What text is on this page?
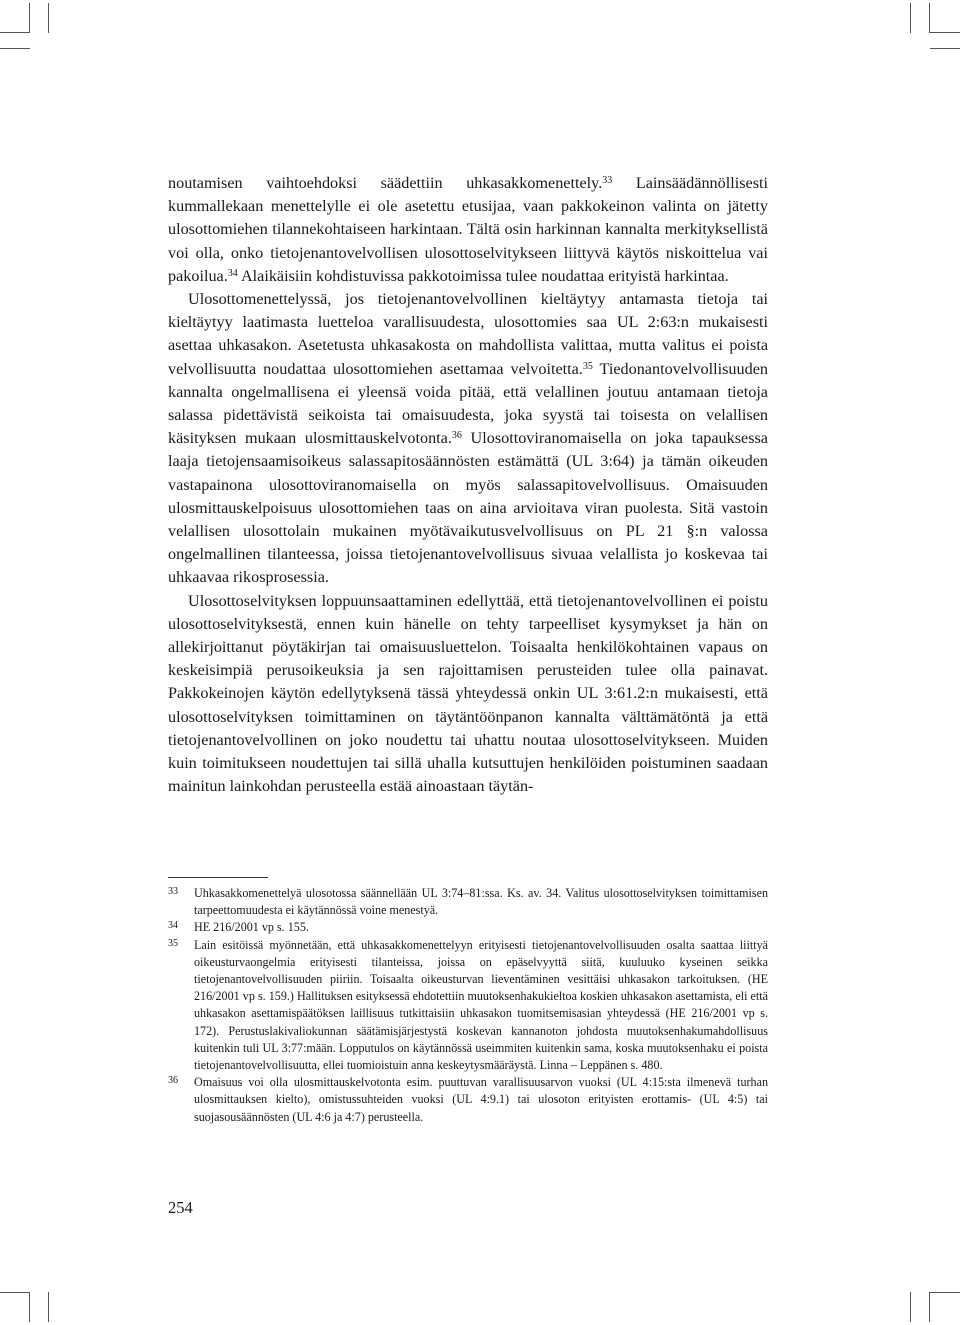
noutamisen vaihtoehdoksi säädettiin uhkasakkomenettely.$^{33}$ Lainsäädännöllisesti kummallekaan menettelylle ei ole asetettu etusijaa, vaan pakkokeinon valinta on jätetty ulosottomiehen tilannekohtaiseen harkintaan. Tältä osin harkinnan kannalta merkityksellistä voi olla, onko tietojenantovelvollisen ulosottoselvitykseen liittyvä käytös niskoittelua vai pakoilua.$^{34}$ Alaikäisiin kohdistuvissa pakkotoimissa tulee noudattaa erityistä harkintaa.

Ulosottomenettelyssä, jos tietojenantovelvollinen kieltäytyy antamasta tietoja tai kieltäytyy laatimasta luetteloa varallisuudesta, ulosottomies saa UL 2:63:n mukaisesti asettaa uhkasakon. Asetetusta uhkasakosta on mahdollista valittaa, mutta valitus ei poista velvollisuutta noudattaa ulosottomiehen asettamaa velvoitetta.$^{35}$ Tiedonantovelvollisuuden kannalta ongelmallisena ei yleensä voida pitää, että velallinen joutuu antamaan tietoja salassa pidettävistä seikoista tai omaisuudesta, joka syystä tai toisesta on velallisen käsityksen mukaan ulosmittauskelvotonta.$^{36}$ Ulosottoviranomaisella on joka tapauksessa laaja tietojensaamisoikeus salassapitosäännösten estämättä (UL 3:64) ja tämän oikeuden vastapainona ulosottoviranomaisella on myös salassapitovelvollisuus. Omaisuuden ulosmittauskelpoisuus ulosottomiehen taas on aina arvioitava viran puolesta. Sitä vastoin velallisen ulosottolain mukainen myötävaikutusvelvollisuus on PL 21 §:n valossa ongelmallinen tilanteessa, joissa tietojenantovelvollisuus sivuaa velallista jo koskevaa tai uhkaavaa rikosprosessia.

Ulosottoselvityksen loppuunsaattaminen edellyttää, että tietojenantovelvollinen ei poistu ulosottoselvityksestä, ennen kuin hänelle on tehty tarpeelliset kysymykset ja hän on allekirjoittanut pöytäkirjan tai omaisuusluettelon. Toisaalta henkilökohtainen vapaus on keskeisimpiä perusoikeuksia ja sen rajoittamisen perusteiden tulee olla painavat. Pakkokeinojen käytön edellytyksenä tässä yhteydessä onkin UL 3:61.2:n mukaisesti, että ulosottoselvityksen toimittaminen on täytäntöönpanon kannalta välttämätöntä ja että tietojenantovelvollinen on joko noudettu tai uhattu noutaa ulosottoselvitykseen. Muiden kuin toimitukseen noudettujen tai sillä uhalla kutsuttujen henkilöiden poistuminen saadaan mainitun lainkohdan perusteella estää ainoastaan täytän-

33 Uhkasakkomenettelyä ulosotossa säännellään UL 3:74–81:ssa. Ks. av. 34. Valitus ulosottoselvityksen toimittamisen tarpeettomuudesta ei käytännössä voine menestyä.
34 HE 216/2001 vp s. 155.
35 Lain esitöissä myönnetään, että uhkasakkomenettelyyn erityisesti tietojenantovelvollisuuden osalta saattaa liittyä oikeusturvaongelmia erityisesti tilanteissa, joissa on epäselvyyttä siitä, kuuluuko kyseinen seikka tietojenantovelvollisuuden piiriin. Toisaalta oikeusturvan lieventäminen vesittäisi uhkasakon tarkoituksen. (HE 216/2001 vp s. 159.) Hallituksen esityksessä ehdotettiin muutoksenhakukieltoa koskien uhkasakon asettamista, eli että uhkasakon asettamispäätöksen laillisuus tutkittaisiin uhkasakon tuomitsemisasian yhteydessä (HE 216/2001 vp s. 172). Perustuslakivaliokunnan säätämisjärjestystä koskevan kannanoton johdosta muutoksenhakumahdollisuus kuitenkin tuli UL 3:77:mään. Lopputulos on käytännössä useimmiten kuitenkin sama, koska muutoksenhaku ei poista tietojenantovelvollisuutta, ellei tuomioistuin anna keskeytysmääräystä. Linna – Leppänen s. 480.
36 Omaisuus voi olla ulosmittauskelvotonta esim. puuttuvan varallisuusarvon vuoksi (UL 4:15:sta ilmenevä turhan ulosmittauksen kielto), omistussuhteiden vuoksi (UL 4:9.1) tai ulosoton erityisten erottamis- (UL 4:5) tai suojasousäännösten (UL 4:6 ja 4:7) perusteella.
254
